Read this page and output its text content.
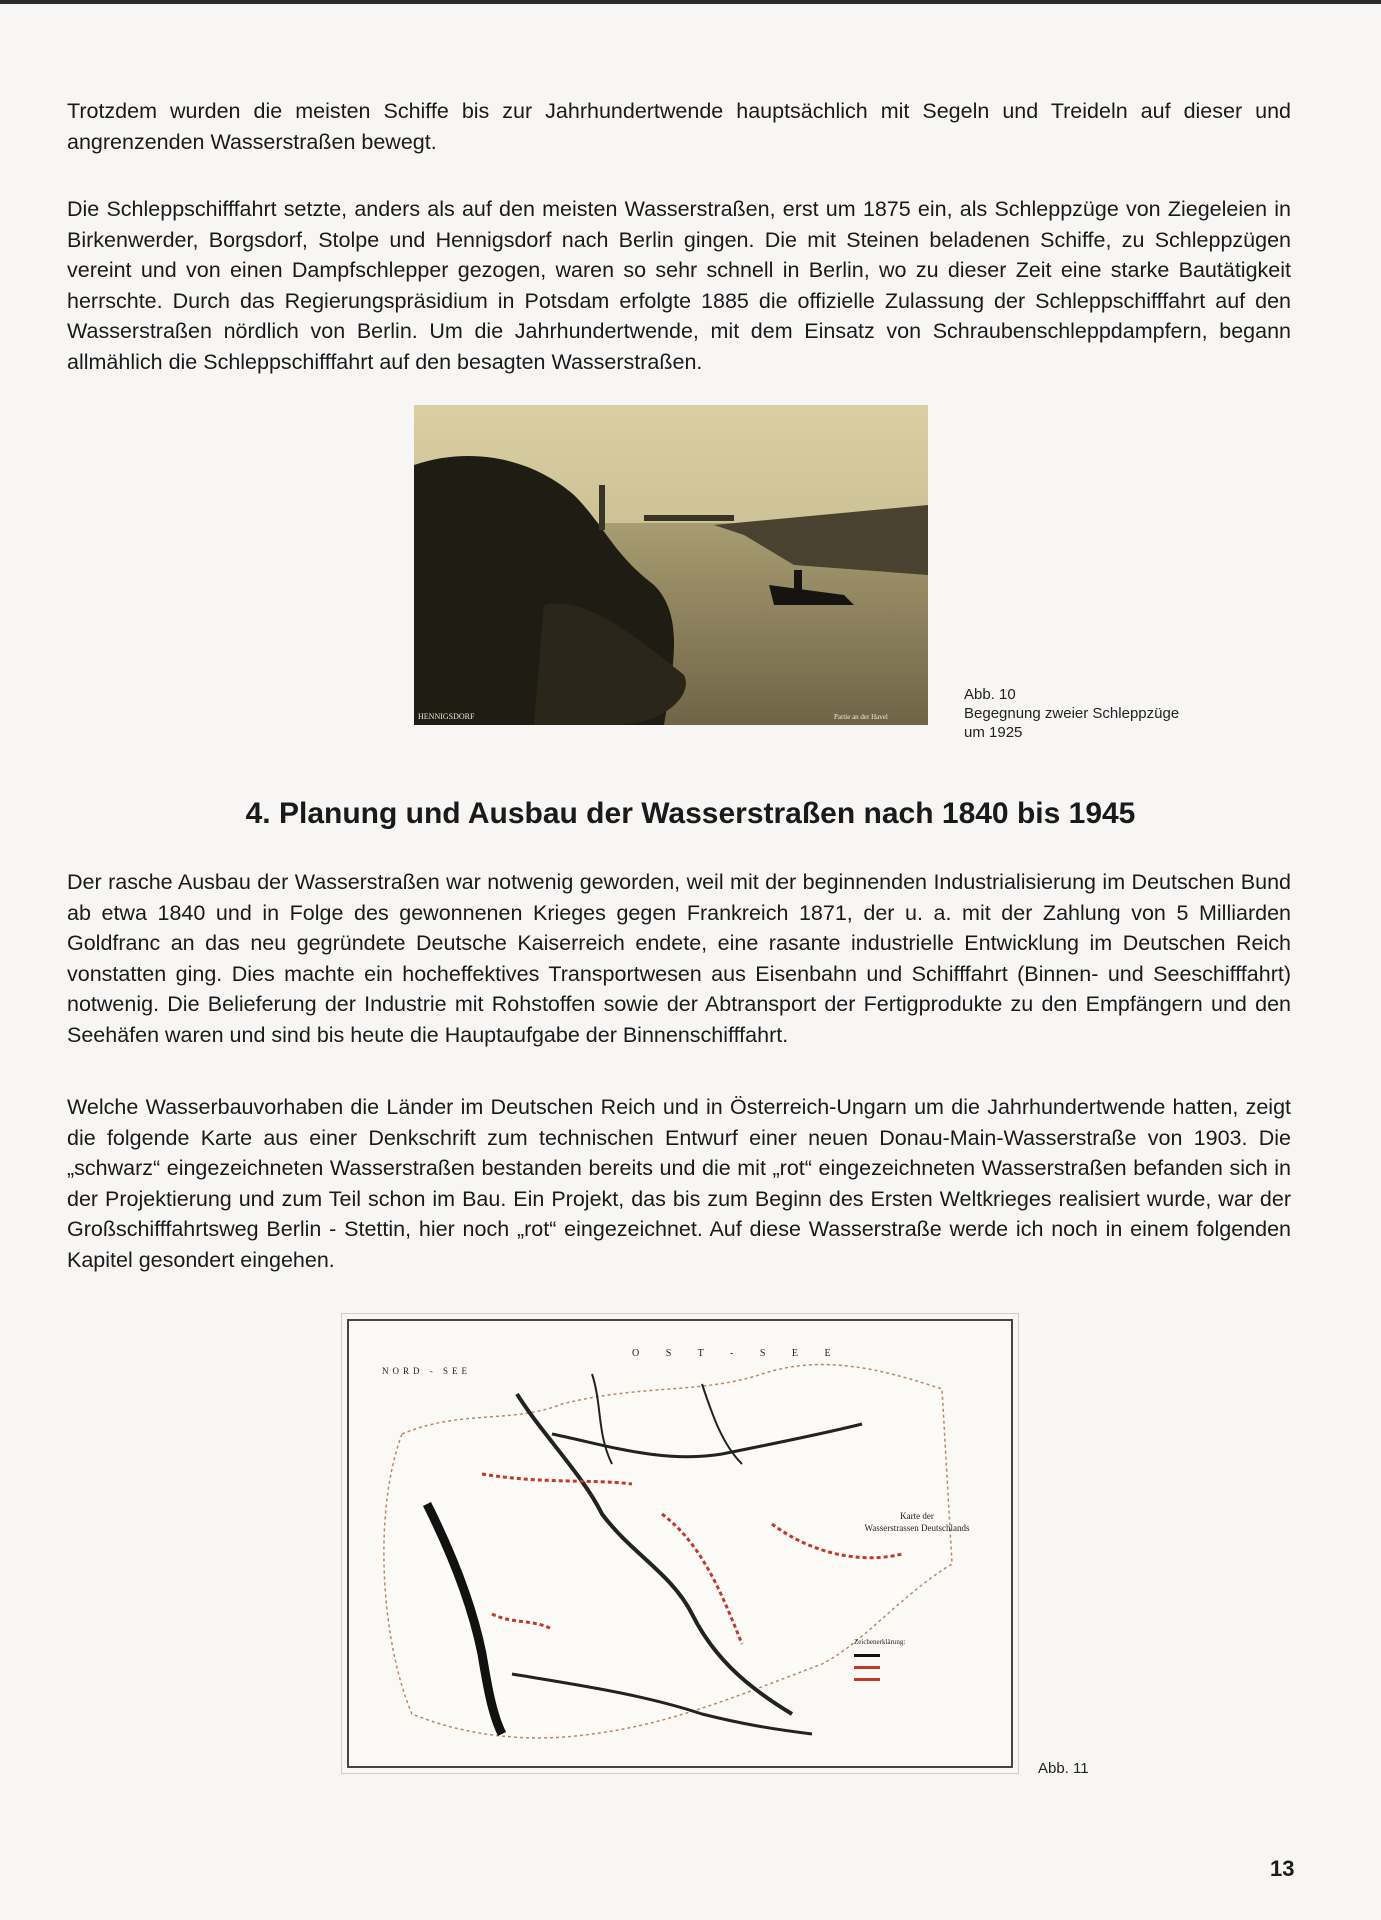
Trotzdem wurden die meisten Schiffe bis zur Jahrhundertwende hauptsächlich mit Segeln und Treideln auf dieser und angrenzenden Wasserstraßen bewegt.

Die Schleppschifffahrt setzte, anders als auf den meisten Wasserstraßen, erst um 1875 ein, als Schleppzüge von Ziegeleien in Birkenwerder, Borgsdorf, Stolpe und Hennigsdorf nach Berlin gingen. Die mit Steinen beladenen Schiffe, zu Schleppzügen vereint und von einen Dampfschlepper gezogen, waren so sehr schnell in Berlin, wo zu dieser Zeit eine starke Bautätigkeit herrschte. Durch das Regierungspräsidium in Potsdam erfolgte 1885 die offizielle Zulassung der Schleppschifffahrt auf den Wasserstraßen nördlich von Berlin. Um die Jahrhundertwende, mit dem Einsatz von Schraubenschleppdampfern, begann allmählich die Schleppschifffahrt auf den besagten Wasserstraßen.

HENNIGSDORF	Partie an der Havel
Abb. 10
Begegnung zweier Schleppzüge
um 1925
4. Planung und Ausbau der Wasserstraßen nach 1840 bis 1945

Der rasche Ausbau der Wasserstraßen war notwenig geworden, weil mit der beginnenden Industrialisierung im Deutschen Bund ab etwa 1840 und in Folge des gewonnenen Krieges gegen Frankreich 1871, der u. a. mit der Zahlung von 5 Milliarden Goldfranc an das neu gegründete Deutsche Kaiserreich endete, eine rasante industrielle Entwicklung im Deutschen Reich vonstatten ging. Dies machte ein hocheffektives Transportwesen aus Eisenbahn und Schifffahrt (Binnen- und Seeschifffahrt) notwenig. Die Belieferung der Industrie mit Rohstoffen sowie der Abtransport der Fertigprodukte zu den Empfängern und den Seehäfen waren und sind bis heute die Hauptaufgabe der Binnenschifffahrt.

Welche Wasserbauvorhaben die Länder im Deutschen Reich und in Österreich-Ungarn um die Jahrhundertwende hatten, zeigt die folgende Karte aus einer Denkschrift zum technischen Entwurf einer neuen Donau-Main-Wasserstraße von 1903. Die „schwarz“ eingezeichneten Wasserstraßen bestanden bereits und die mit „rot“ eingezeichneten Wasserstraßen befanden sich in der Projektierung und zum Teil schon im Bau. Ein Projekt, das bis zum Beginn des Ersten Weltkrieges realisiert wurde, war der Großschifffahrtsweg Berlin - Stettin, hier noch „rot“ eingezeichnet. Auf diese Wasserstraße werde ich noch in einem folgenden Kapitel gesondert eingehen.

NORD - SEE
O S T - S E E
Karte der
Wasserstrassen Deutschlands
Zeichenerklärung:
Abb. 11
13
